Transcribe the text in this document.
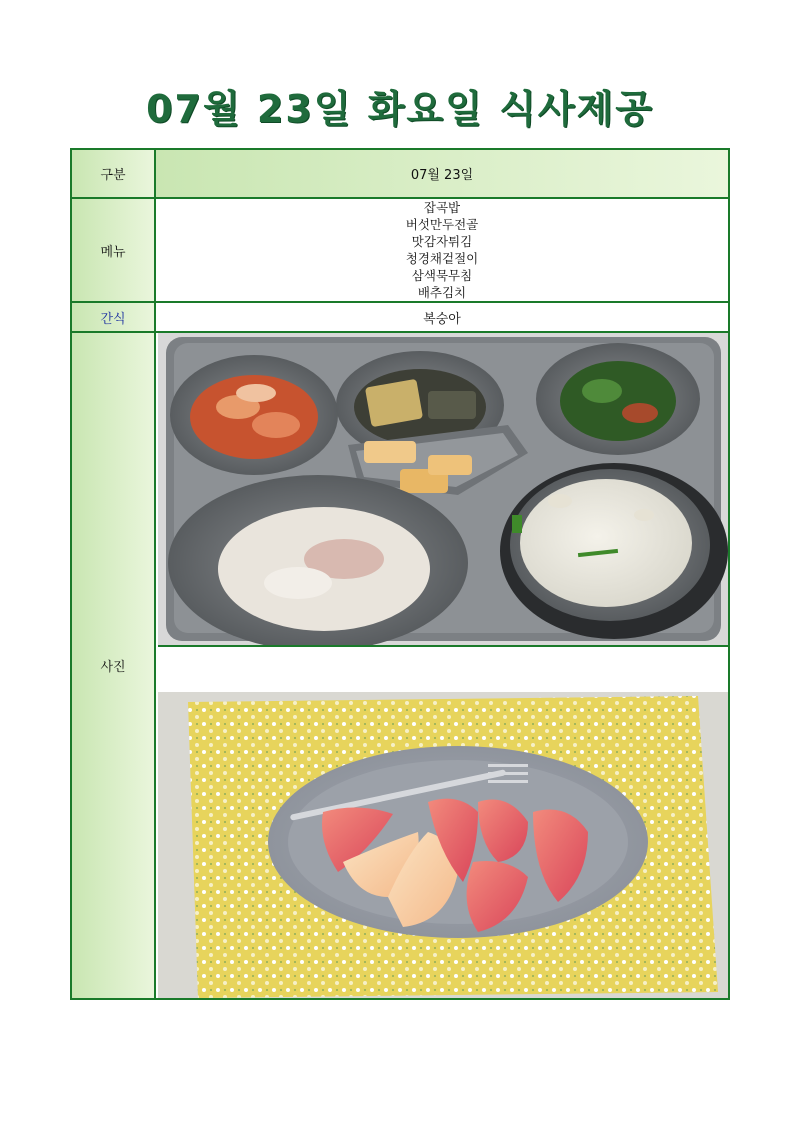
07월 23일 화요일 식사제공
구분	07월 23일
메뉴
잡곡밥
버섯만두전골
맛감자튀김
청경채겉절이
삼색묵무침
배추김치
간식	복숭아
사진
